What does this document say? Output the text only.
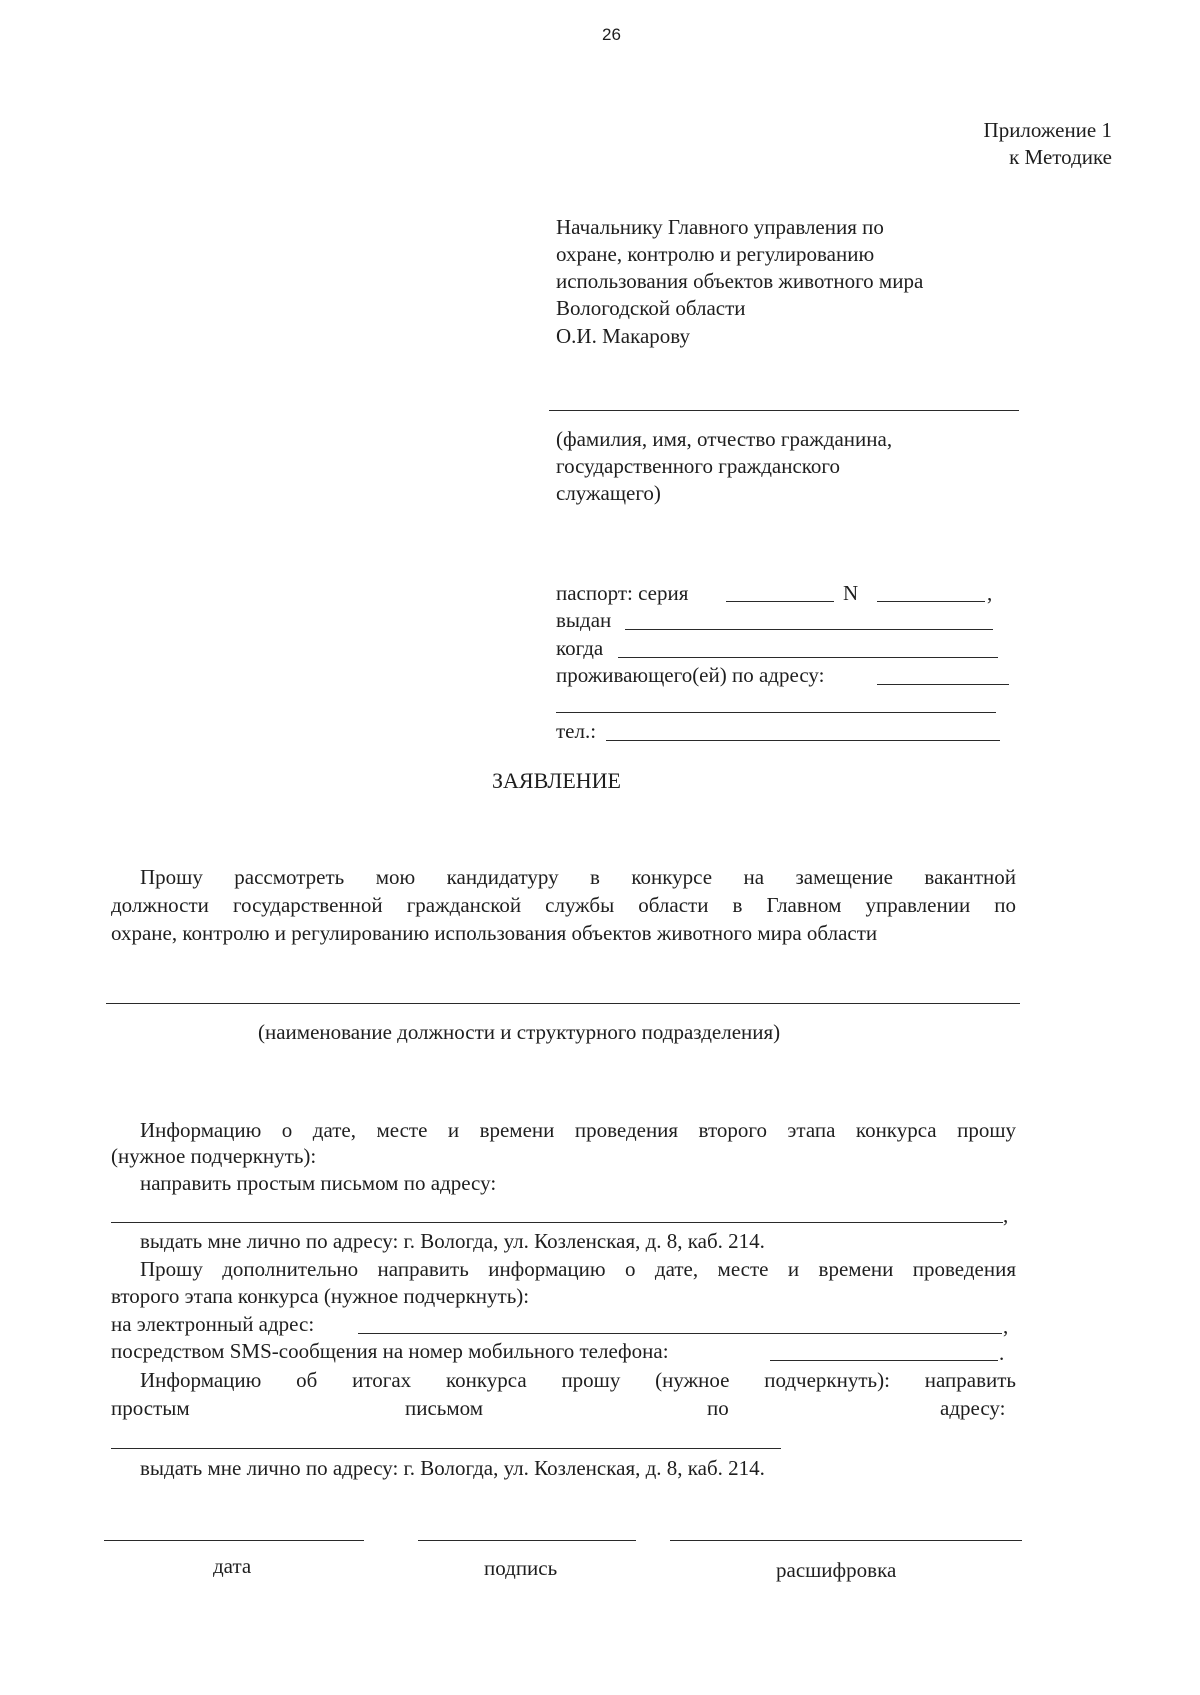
26
Приложение 1
к Методике
Начальнику Главного управления по
охране, контролю и регулированию
использования объектов животного мира
Вологодской области
О.И. Макарову
(фамилия, имя, отчество гражданина,
государственного гражданского
служащего)
паспорт: серия	N	,
выдан
когда
проживающего(ей) по адресу:
тел.:
ЗАЯВЛЕНИЕ
Прошу рассмотреть мою кандидатуру в конкурсе на замещение вакантной
должности государственной гражданской службы области в Главном управлении по
охране, контролю и регулированию использования объектов животного мира области
(наименование должности и структурного подразделения)
Информацию о дате, месте и времени проведения второго этапа конкурса прошу
(нужное подчеркнуть):
направить простым письмом по адресу:
,
выдать мне лично по адресу: г. Вологда, ул. Козленская, д. 8, каб. 214.
Прошу дополнительно направить информацию о дате, месте и времени проведения
второго этапа конкурса (нужное подчеркнуть):
на электронный адрес:	,
посредством SMS-сообщения на номер мобильного телефона:	.
Информацию об итогах конкурса прошу (нужное подчеркнуть): направить
простым	письмом	по	адресу:
выдать мне лично по адресу: г. Вологда, ул. Козленская, д. 8, каб. 214.
дата	подпись	расшифровка
